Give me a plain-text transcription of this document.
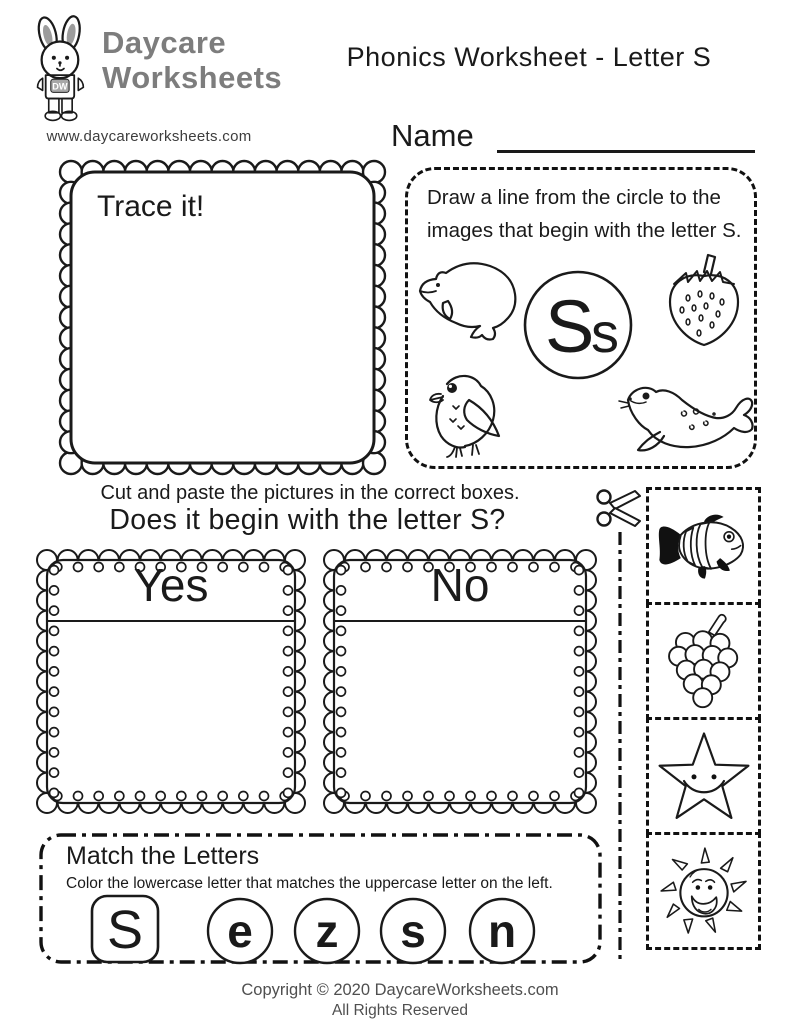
DW
Daycare
Worksheets
www.daycareworksheets.com
Phonics Worksheet - Letter S
Name
Trace it!	Draw a line from the circle to the
images that begin with the letter S.
S
s
Cut and paste the pictures in the correct boxes.
Does it begin with the letter S?
Yes	No
Match the Letters
Color the lowercase letter that matches the uppercase letter on the left.
S e z s n
Copyright © 2020 DaycareWorksheets.com
All Rights Reserved
